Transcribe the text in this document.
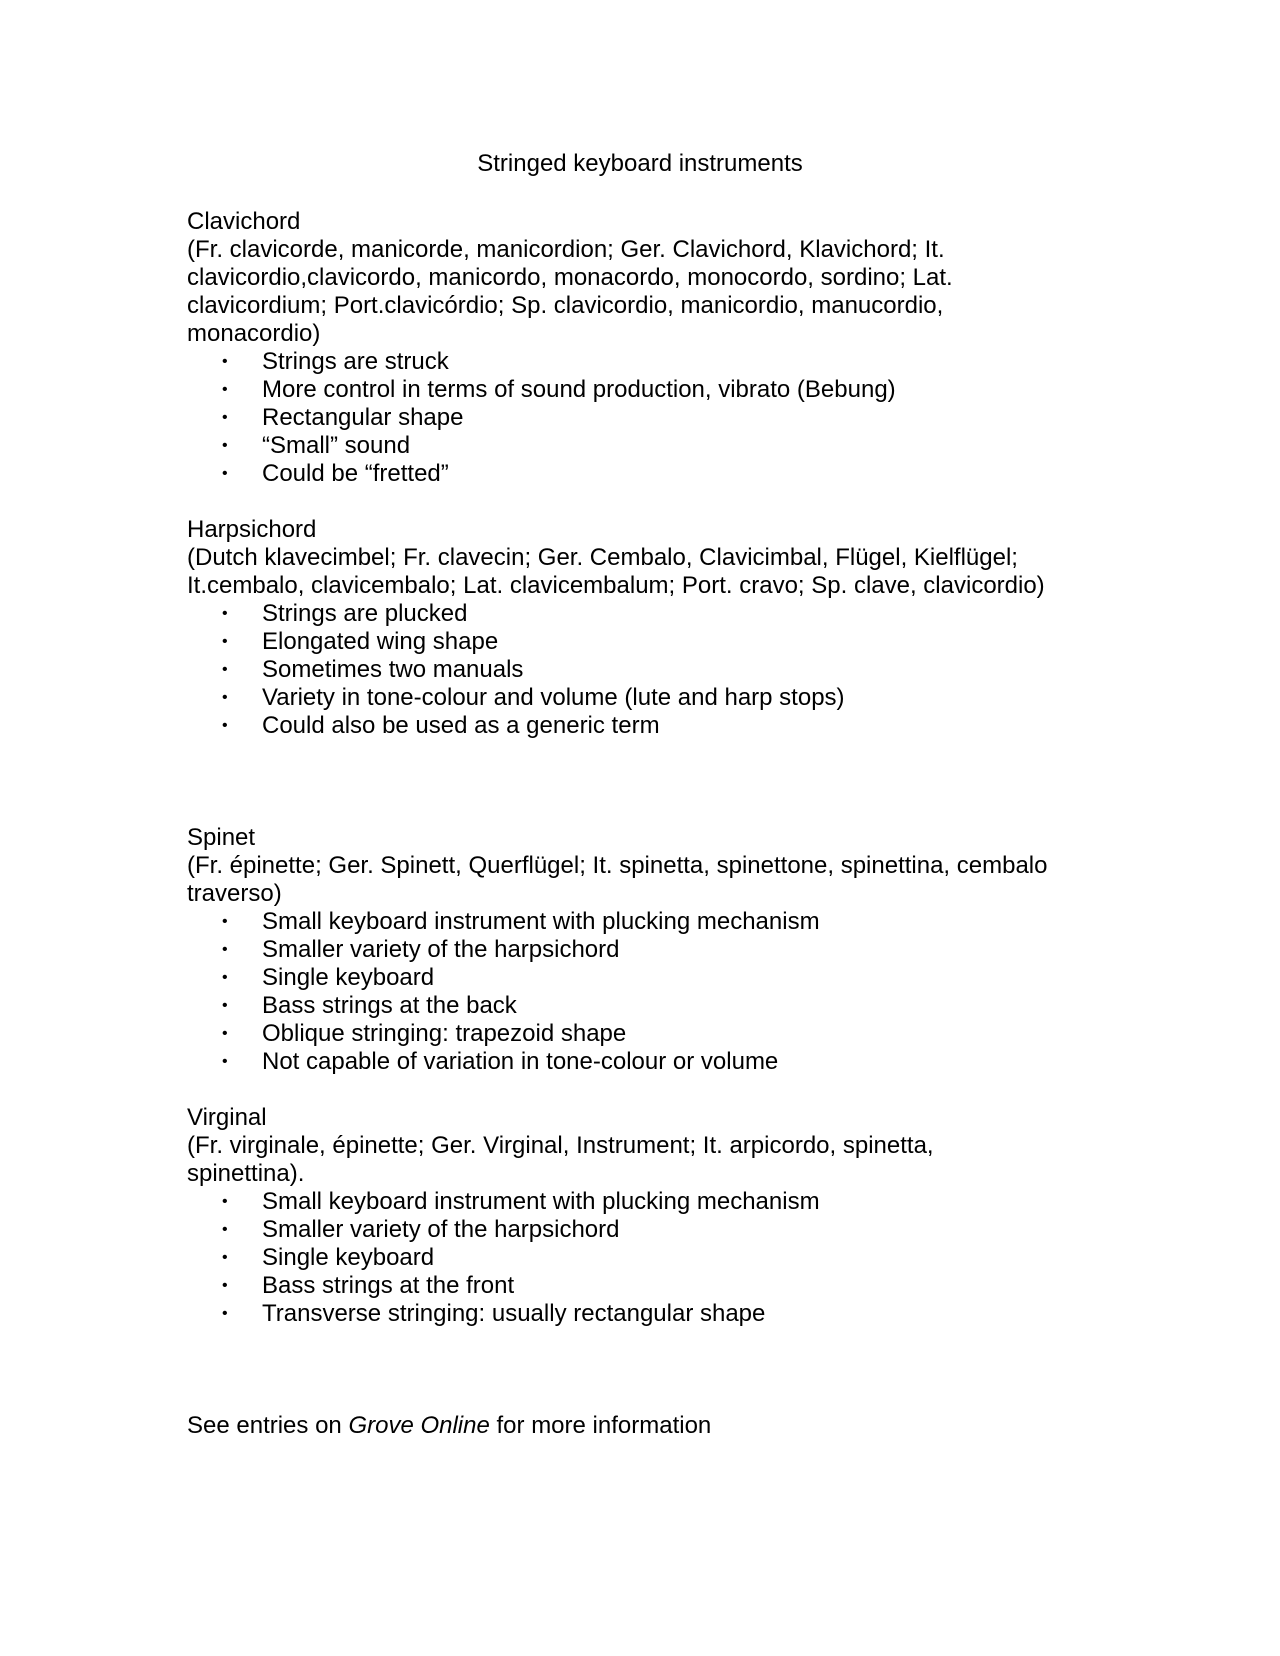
Stringed keyboard instruments

Clavichord

(Fr. clavicorde, manicorde, manicordion; Ger. Clavichord, Klavichord; It.
clavicordio,clavicordo, manicordo, monacordo, monocordo, sordino; Lat.
clavicordium; Port.clavicórdio; Sp. clavicordio, manicordio, manucordio,
monacordio)

• Strings are struck
• More control in terms of sound production, vibrato (Bebung)
• Rectangular shape
• “Small” sound
• Could be “fretted”

Harpsichord

(Dutch klavecimbel; Fr. clavecin; Ger. Cembalo, Clavicimbal, Flügel, Kielflügel;
It.cembalo, clavicembalo; Lat. clavicembalum; Port. cravo; Sp. clave, clavicordio)

• Strings are plucked
• Elongated wing shape
• Sometimes two manuals
• Variety in tone-colour and volume (lute and harp stops)
• Could also be used as a generic term

Spinet

(Fr. épinette; Ger. Spinett, Querflügel; It. spinetta, spinettone, spinettina, cembalo
traverso)

• Small keyboard instrument with plucking mechanism
• Smaller variety of the harpsichord
• Single keyboard
• Bass strings at the back
• Oblique stringing: trapezoid shape
• Not capable of variation in tone-colour or volume

Virginal

(Fr. virginale, épinette; Ger. Virginal, Instrument; It. arpicordo, spinetta,
spinettina).

• Small keyboard instrument with plucking mechanism
• Smaller variety of the harpsichord
• Single keyboard
• Bass strings at the front
• Transverse stringing: usually rectangular shape

See entries on Grove Online for more information
